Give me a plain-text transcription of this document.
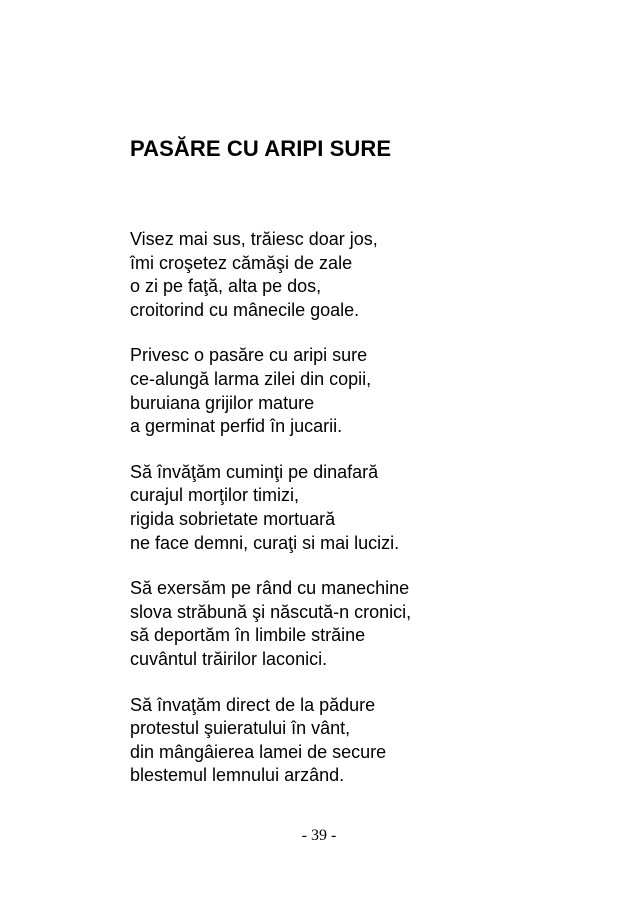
PASĂRE CU ARIPI SURE
Visez mai sus, trăiesc doar jos,
îmi croşetez cămăşi de zale
o zi pe faţă, alta pe dos,
croitorind cu mânecile goale.
Privesc o pasăre cu aripi sure
ce-alungă larma zilei din copii,
buruiana grijilor mature
a germinat perfid în jucarii.
Să învăţăm cuminţi pe dinafară
curajul morţilor timizi,
rigida sobrietate mortuară
ne face demni, curaţi si mai lucizi.
Să exersăm pe rând cu manechine
slova străbună şi născută-n cronici,
să deportăm în limbile străine
cuvântul trăirilor laconici.
Să învaţăm direct de la pădure
protestul şuieratului în vânt,
din mângâierea lamei de secure
blestemul lemnului arzând.
- 39 -
